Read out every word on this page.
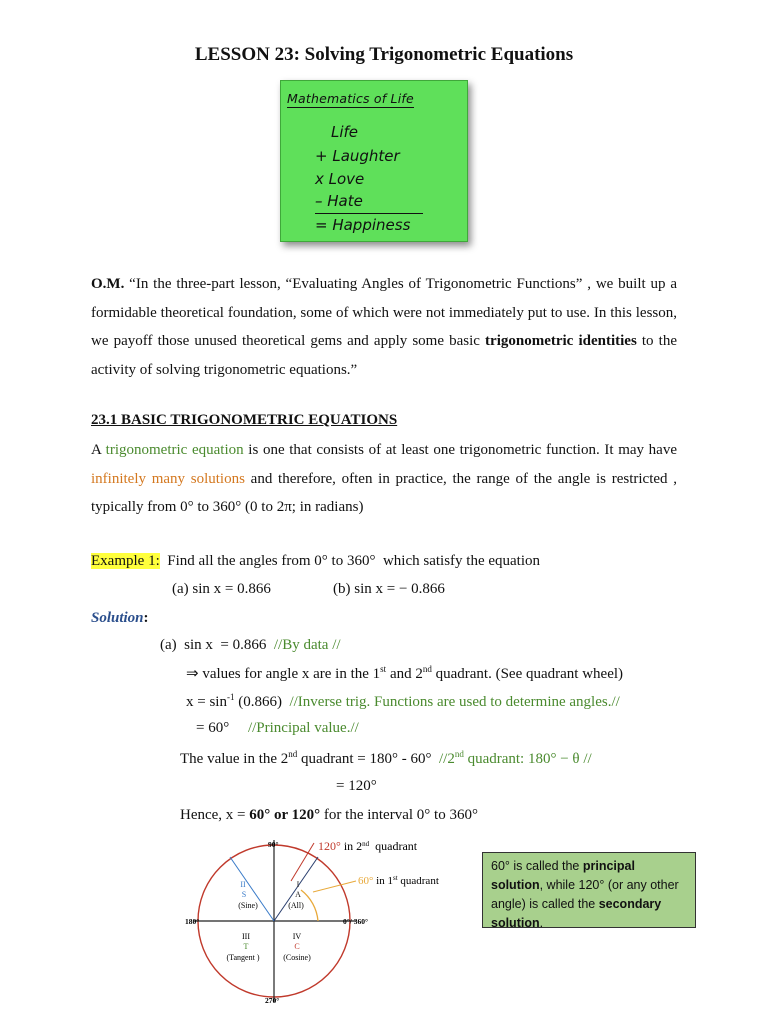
LESSON 23: Solving Trigonometric Equations
Mathematics of Life
Life
+ Laughter
x Love
– Hate
= Happiness
O.M. “In the three-part lesson, “Evaluating Angles of Trigonometric Functions” , we built up a formidable theoretical foundation, some of which were not immediately put to use. In this lesson, we payoff those unused theoretical gems and apply some basic trigonometric identities to the activity of solving trigonometric equations.”
23.1 BASIC TRIGONOMETRIC EQUATIONS
A trigonometric equation is one that consists of at least one trigonometric function. It may have infinitely many solutions and therefore, often in practice, the range of the angle is restricted , typically from 0° to 360° (0 to 2π; in radians)
Example 1:  Find all the angles from 0° to 360°  which satisfy the equation
(a) sin x = 0.866	(b) sin x = − 0.866
Solution:
(a)  sin x  = 0.866  //By data //
⇒ values for angle x are in the 1st and 2nd quadrant. (See quadrant wheel)
$x = \sin^{-1} (0.866)$  //Inverse trig. Functions are used to determine angles.//
= 60°     //Principal value.//
The value in the 2nd quadrant = 180° - 60°  //2nd quadrant: 180° − θ //
= 120°
Hence, x = 60° or 120° for the interval 0° to 360°
90°
180°	0°/ 360°
270°
II
S
(Sine)
I
A
(All)
III
T
(Tangent )
IV
C
(Cosine)
120° in 2nd  quadrant
60° in 1st quadrant
60° is called the principal solution, while 120° (or any other angle) is called the secondary solution.
